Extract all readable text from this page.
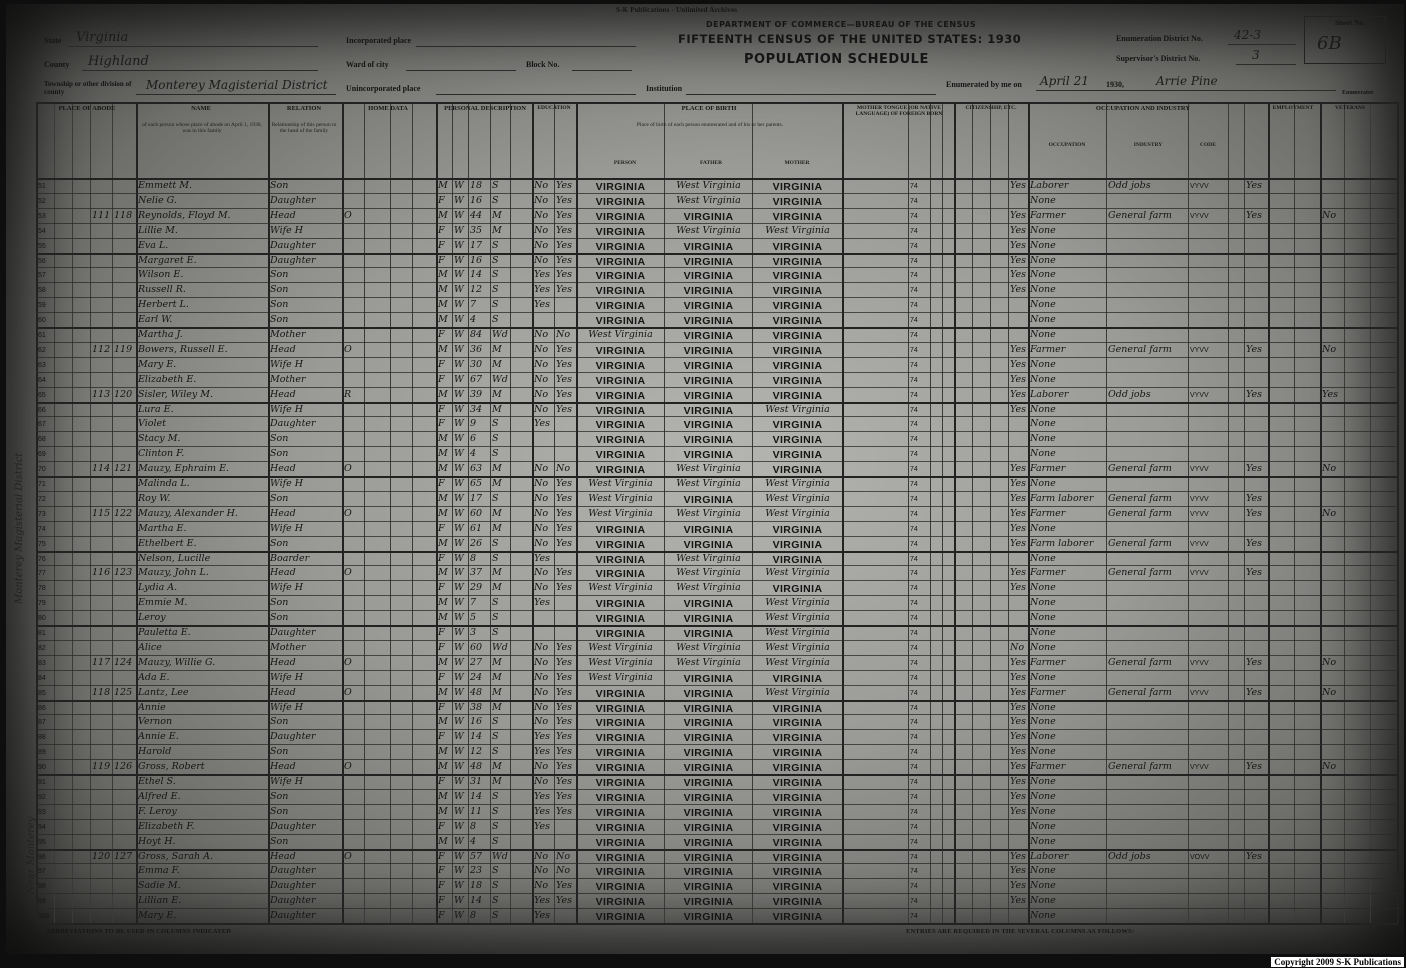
S-K Publications - Unlimited Archives
DEPARTMENT OF COMMERCE—BUREAU OF THE CENSUS
FIFTEENTH CENSUS OF THE UNITED STATES: 1930
POPULATION SCHEDULE
State Virginia
County Highland
Township or other division of county	Monterey Magisterial District
Incorporated place
Ward of city	Block No.
Unincorporated place	Institution
Enumeration District No.	42-3
Supervisor's District No.	3
Enumerated by me on April 21 1930,	Arrie Pine
Enumerator
Sheet No.
6B
PLACE OF ABODE	NAME	RELATION	HOME DATA	PERSONAL DESCRIPTION	EDUCATION	PLACE OF BIRTH	MOTHER TONGUE (OR NATIVE LANGUAGE) OF FOREIGN BORN
CITIZENSHIP, ETC.	OCCUPATION AND INDUSTRY	EMPLOYMENT	VETERANS
of each person whose place of abode on April 1, 1930, was in this family
Relationship of this person to the head of the family
Place of birth of each person enumerated and of his or her parents.
PERSON	FATHER	MOTHER
OCCUPATION	INDUSTRY	CODE
51	Emmett M.	Son	M W 18	S	No Yes	VIRGINIA	West Virginia	VIRGINIA	74	Yes Laborer	Odd jobs	VYVV	Yes
52	Nelie G.	Daughter	F W 16	S	No Yes	VIRGINIA	West Virginia	VIRGINIA	74	None
53	111 118 Reynolds, Floyd M.	Head	O	M W 44	M	No Yes	VIRGINIA	VIRGINIA	VIRGINIA	74	Yes Farmer	General farm	VYVV	Yes	No
54	Lillie M.	Wife H	F W 35	M	No Yes	VIRGINIA	West Virginia	West Virginia	74	Yes None
55	Eva L.	Daughter	F W 17	S	No Yes	VIRGINIA	VIRGINIA	VIRGINIA	74	Yes None
56	Margaret E.	Daughter	F W 16	S	No Yes	VIRGINIA	VIRGINIA	VIRGINIA	74	Yes None
57	Wilson E.	Son	M W 14	S	Yes Yes	VIRGINIA	VIRGINIA	VIRGINIA	74	Yes None
58	Russell R.	Son	M W 12	S	Yes Yes	VIRGINIA	VIRGINIA	VIRGINIA	74	Yes None
59	Herbert L.	Son	M W 7	S	Yes	VIRGINIA	VIRGINIA	VIRGINIA	74	None
60	Earl W.	Son	M W 4	S	VIRGINIA	VIRGINIA	VIRGINIA	74	None
61	Martha J.	Mother	F W 84	Wd	No No	West Virginia	VIRGINIA	VIRGINIA	74	None
62	112 119 Bowers, Russell E.	Head	O	M W 36	M	No Yes	VIRGINIA	VIRGINIA	VIRGINIA	74	Yes Farmer	General farm	VYVV	Yes	No
63	Mary E.	Wife H	F W 30	M	No Yes	VIRGINIA	VIRGINIA	VIRGINIA	74	Yes None
64	Elizabeth E.	Mother	F W 67	Wd	No Yes	VIRGINIA	VIRGINIA	VIRGINIA	74	Yes None
65	113 120 Sisler, Wiley M.	Head	R	M W 39	M	No Yes	VIRGINIA	VIRGINIA	VIRGINIA	74	Yes Laborer	Odd jobs	VYVV	Yes	Yes
66	Lura E.	Wife H	F W 34	M	No Yes	VIRGINIA	VIRGINIA	West Virginia	74	Yes None
67	Violet	Daughter	F W 9	S	Yes	VIRGINIA	VIRGINIA	VIRGINIA	74	None
68	Stacy M.	Son	M W 6	S	VIRGINIA	VIRGINIA	VIRGINIA	74	None
69	Clinton F.	Son	M W 4	S	VIRGINIA	VIRGINIA	VIRGINIA	74	None
70	114 121 Mauzy, Ephraim E.	Head	O	M W 63	M	No No	VIRGINIA	West Virginia	VIRGINIA	74	Yes Farmer	General farm	VYVV	Yes	No
71	Malinda L.	Wife H	F W 65	M	No Yes	West Virginia	West Virginia	West Virginia	74	Yes None
72	Roy W.	Son	M W 17	S	No Yes	West Virginia	VIRGINIA	West Virginia	74	Yes Farm laborer	General farm	VYVV	Yes
73	115 122 Mauzy, Alexander H.	Head	O	M W 60	M	No Yes	West Virginia	West Virginia	West Virginia	74	Yes Farmer	General farm	VYVV	Yes	No
74	Martha E.	Wife H	F W 61	M	No Yes	VIRGINIA	VIRGINIA	VIRGINIA	74	Yes None
75	Ethelbert E.	Son	M W 26	S	No Yes	VIRGINIA	VIRGINIA	VIRGINIA	74	Yes Farm laborer	General farm	VYVV	Yes
76	Nelson, Lucille	Boarder	F W 8	S	Yes	VIRGINIA	West Virginia	VIRGINIA	74	None
77	116 123 Mauzy, John L.	Head	O	M W 37	M	No Yes	VIRGINIA	West Virginia	West Virginia	74	Yes Farmer	General farm	VYVV	Yes
78	Lydia A.	Wife H	F W 29	M	No Yes	West Virginia	West Virginia	VIRGINIA	74	Yes None
79	Emmie M.	Son	M W 7	S	Yes	VIRGINIA	VIRGINIA	West Virginia	74	None
80	Leroy	Son	M W 5	S	VIRGINIA	VIRGINIA	West Virginia	74	None
81	Pauletta E.	Daughter	F W 3	S	VIRGINIA	VIRGINIA	West Virginia	74	None
82	Alice	Mother	F W 60	Wd	No Yes	West Virginia	West Virginia	West Virginia	74	No None
83	117 124 Mauzy, Willie G.	Head	O	M W 27	M	No Yes	West Virginia	West Virginia	West Virginia	74	Yes Farmer	General farm	VYVV	Yes	No
84	Ada E.	Wife H	F W 24	M	No Yes	West Virginia	VIRGINIA	VIRGINIA	74	Yes None
85	118 125 Lantz, Lee	Head	O	M W 48	M	No Yes	VIRGINIA	VIRGINIA	West Virginia	74	Yes Farmer	General farm	VYVV	Yes	No
86	Annie	Wife H	F W 38	M	No Yes	VIRGINIA	VIRGINIA	VIRGINIA	74	Yes None
87	Vernon	Son	M W 16	S	No Yes	VIRGINIA	VIRGINIA	VIRGINIA	74	Yes None
88	Annie E.	Daughter	F W 14	S	Yes Yes	VIRGINIA	VIRGINIA	VIRGINIA	74	Yes None
89	Harold	Son	M W 12	S	Yes Yes	VIRGINIA	VIRGINIA	VIRGINIA	74	Yes None
90	119 126 Gross, Robert	Head	O	M W 48	M	No Yes	VIRGINIA	VIRGINIA	VIRGINIA	74	Yes Farmer	General farm	VYVV	Yes	No
91	Ethel S.	Wife H	F W 31	M	No Yes	VIRGINIA	VIRGINIA	VIRGINIA	74	Yes None
92	Alfred E.	Son	M W 14	S	Yes Yes	VIRGINIA	VIRGINIA	VIRGINIA	74	Yes None
93	F. Leroy	Son	M W 11	S	Yes Yes	VIRGINIA	VIRGINIA	VIRGINIA	74	Yes None
94	Elizabeth F.	Daughter	F W 8	S	Yes	VIRGINIA	VIRGINIA	VIRGINIA	74	None
95	Hoyt H.	Son	M W 4	S	VIRGINIA	VIRGINIA	VIRGINIA	74	None
96	120 127 Gross, Sarah A.	Head	O	F W 57	Wd	No No	VIRGINIA	VIRGINIA	VIRGINIA	74	Yes Laborer	Odd jobs	VOVV	Yes
97	Emma F.	Daughter	F W 23	S	No No	VIRGINIA	VIRGINIA	VIRGINIA	74	Yes None
98	Sadie M.	Daughter	F W 18	S	No Yes	VIRGINIA	VIRGINIA	VIRGINIA	74	Yes None
99	Lillian E.	Daughter	F W 14	S	Yes Yes	VIRGINIA	VIRGINIA	VIRGINIA	74	Yes None
100	Mary E.	Daughter	F W 8	S	Yes	VIRGINIA	VIRGINIA	VIRGINIA	74	None
Monterey Magisterial District
Near Monterey
ABBREVIATIONS TO BE USED IN COLUMNS INDICATED	ENTRIES ARE REQUIRED IN THE SEVERAL COLUMNS AS FOLLOWS:
Copyright 2009 S-K Publications
